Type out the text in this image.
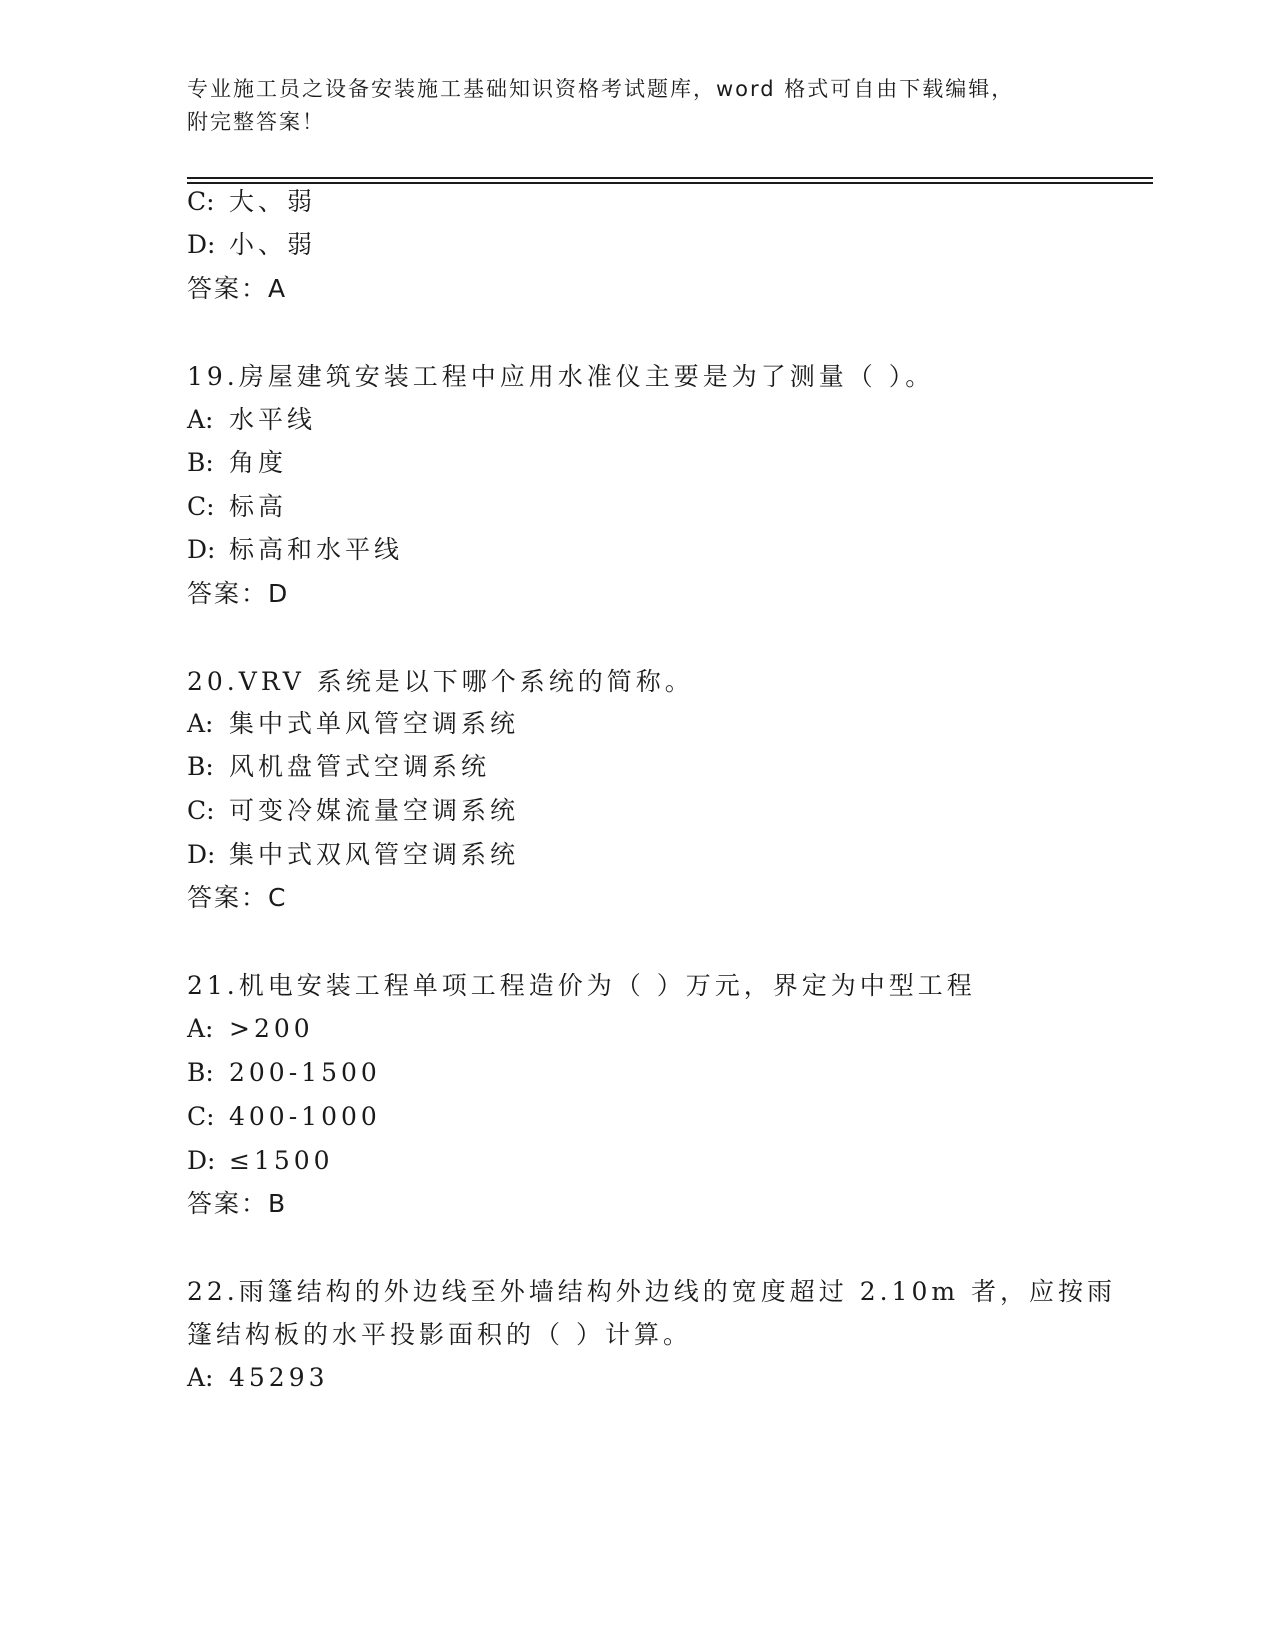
专业施工员之设备安装施工基础知识资格考试题库，word 格式可自由下载编辑，
附完整答案！
C: 大、弱
D: 小、弱
答案：A
19.房屋建筑安装工程中应用水准仪主要是为了测量（ ）。
A: 水平线
B: 角度
C: 标高
D: 标高和水平线
答案：D
20.VRV 系统是以下哪个系统的简称。
A: 集中式单风管空调系统
B: 风机盘管式空调系统
C: 可变冷媒流量空调系统
D: 集中式双风管空调系统
答案：C
21.机电安装工程单项工程造价为（ ）万元，界定为中型工程
A: >200
B: 200-1500
C: 400-1000
D: ≤1500
答案：B
22.雨篷结构的外边线至外墙结构外边线的宽度超过 2.10m 者，应按雨
篷结构板的水平投影面积的（ ）计算。
A: 45293
